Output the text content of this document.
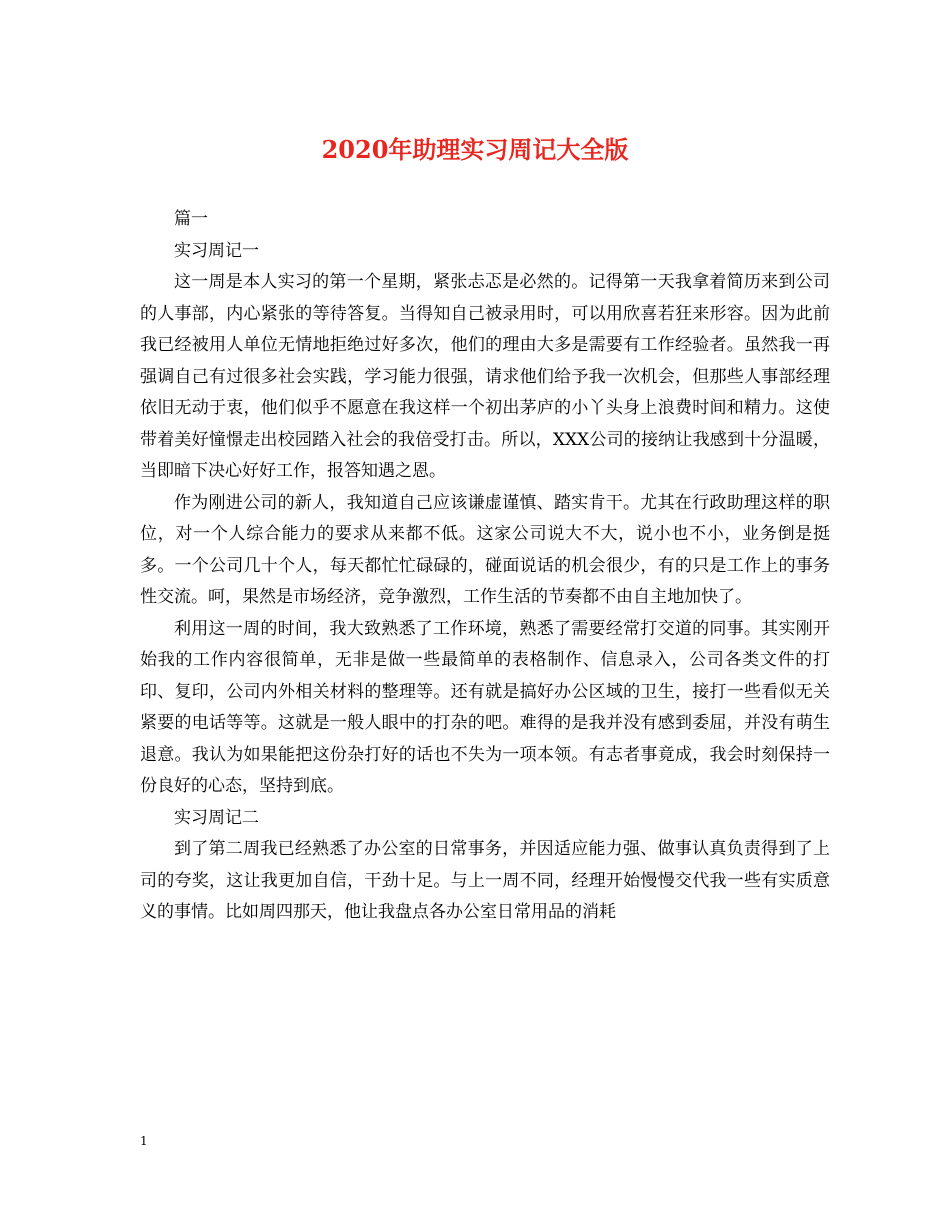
2020年助理实习周记大全版

篇一

实习周记一

这一周是本人实习的第一个星期，紧张忐忑是必然的。记得第一天我拿着简历来到公司的人事部，内心紧张的等待答复。当得知自己被录用时，可以用欣喜若狂来形容。因为此前我已经被用人单位无情地拒绝过好多次，他们的理由大多是需要有工作经验者。虽然我一再强调自己有过很多社会实践，学习能力很强，请求他们给予我一次机会，但那些人事部经理依旧无动于衷，他们似乎不愿意在我这样一个初出茅庐的小丫头身上浪费时间和精力。这使带着美好憧憬走出校园踏入社会的我倍受打击。所以，XXX公司的接纳让我感到十分温暖，当即暗下决心好好工作，报答知遇之恩。

作为刚进公司的新人，我知道自己应该谦虚谨慎、踏实肯干。尤其在行政助理这样的职位，对一个人综合能力的要求从来都不低。这家公司说大不大，说小也不小，业务倒是挺多。一个公司几十个人，每天都忙忙碌碌的，碰面说话的机会很少，有的只是工作上的事务性交流。呵，果然是市场经济，竞争激烈，工作生活的节奏都不由自主地加快了。

利用这一周的时间，我大致熟悉了工作环境，熟悉了需要经常打交道的同事。其实刚开始我的工作内容很简单，无非是做一些最简单的表格制作、信息录入，公司各类文件的打印、复印，公司内外相关材料的整理等。还有就是搞好办公区域的卫生，接打一些看似无关紧要的电话等等。这就是一般人眼中的打杂的吧。难得的是我并没有感到委屈，并没有萌生退意。我认为如果能把这份杂打好的话也不失为一项本领。有志者事竟成，我会时刻保持一份良好的心态，坚持到底。

实习周记二

到了第二周我已经熟悉了办公室的日常事务，并因适应能力强、做事认真负责得到了上司的夸奖，这让我更加自信，干劲十足。与上一周不同，经理开始慢慢交代我一些有实质意义的事情。比如周四那天，他让我盘点各办公室日常用品的消耗

1
